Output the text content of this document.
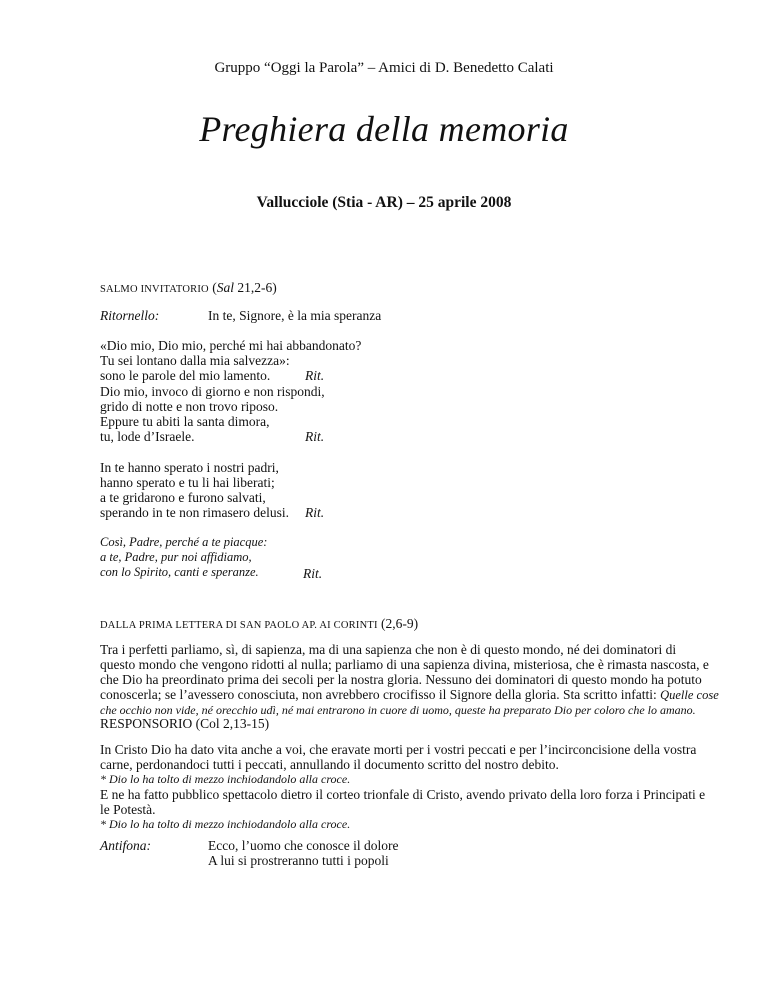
Gruppo “Oggi la Parola” – Amici di D. Benedetto Calati
Preghiera della memoria
Vallucciole (Stia - AR) – 25 aprile 2008
SALMO INVITATORIO (Sal 21,2-6)
Ritornello:	In te, Signore, è la mia speranza
«Dio mio, Dio mio, perché mi hai abbandonato?
Tu sei lontano dalla mia salvezza»:
sono le parole del mio lamento.	Rit.
Dio mio, invoco di giorno e non rispondi,
grido di notte e non trovo riposo.
Eppure tu abiti la santa dimora,
tu, lode d’Israele.	Rit.
In te hanno sperato i nostri padri,
hanno sperato e tu li hai liberati;
a te gridarono e furono salvati,
sperando in te non rimasero delusi. Rit.
Così, Padre, perché a te piacque:
a te, Padre, pur noi affidiamo,
con lo Spirito, canti e speranze.	Rit.
DALLA PRIMA LETTERA DI SAN PAOLO AP. AI CORINTI (2,6-9)
Tra i perfetti parliamo, sì, di sapienza, ma di una sapienza che non è di questo mondo, né dei dominatori di
questo mondo che vengono ridotti al nulla; parliamo di una sapienza divina, misteriosa, che è rimasta nascosta, e
che Dio ha preordinato prima dei secoli per la nostra gloria. Nessuno dei dominatori di questo mondo ha potuto
conoscerla; se l’avessero conosciuta, non avrebbero crocifisso il Signore della gloria. Sta scritto infatti: Quelle cose
che occhio non vide, né orecchio udì, né mai entrarono in cuore di uomo, queste ha preparato Dio per coloro che lo amano.
RESPONSORIO (Col 2,13-15)
In Cristo Dio ha dato vita anche a voi, che eravate morti per i vostri peccati e per l’incirconcisione della vostra
carne, perdonandoci tutti i peccati, annullando il documento scritto del nostro debito.
* Dio lo ha tolto di mezzo inchiodandolo alla croce.
E ne ha fatto pubblico spettacolo dietro il corteo trionfale di Cristo, avendo privato della loro forza i Principati e
le Potestà.
* Dio lo ha tolto di mezzo inchiodandolo alla croce.
Antifona:	Ecco, l’uomo che conosce il dolore
A lui si prostreranno tutti i popoli
